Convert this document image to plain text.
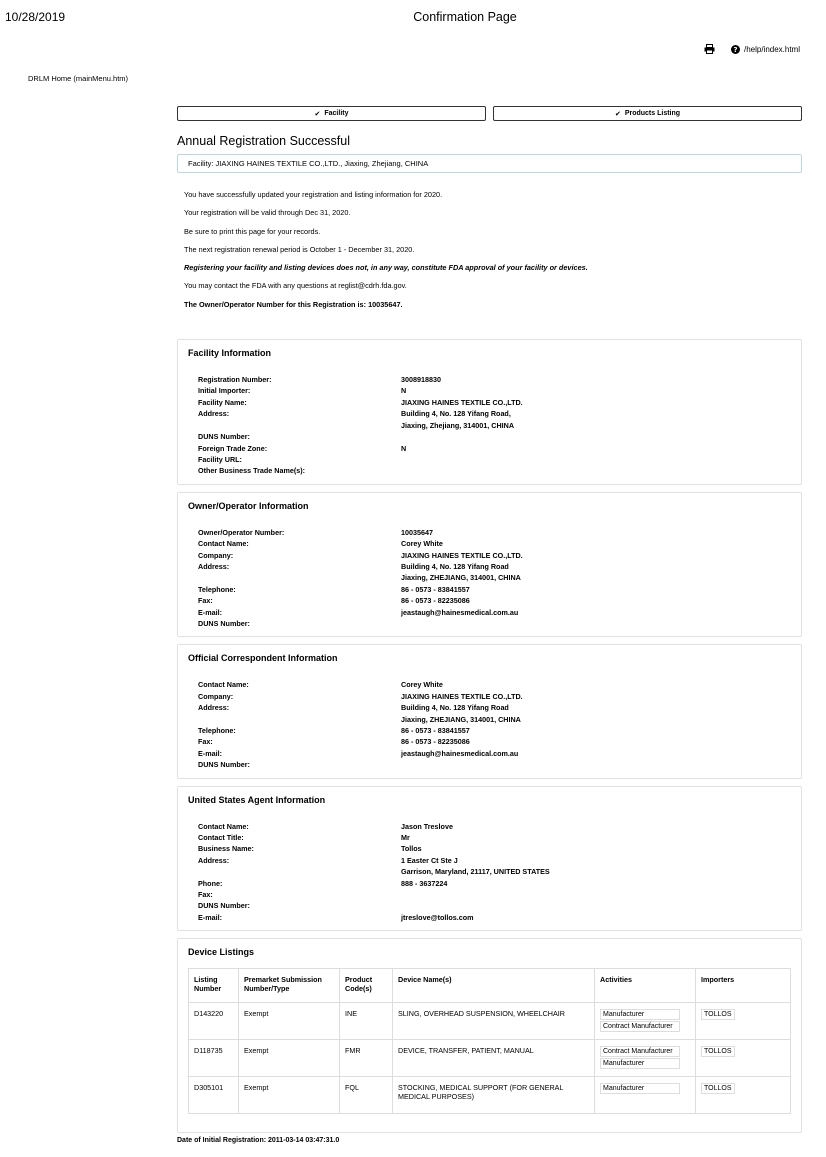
10/28/2019	Confirmation Page
? /help/index.html
DRLM Home (mainMenu.htm)
✔ Facility	✔ Products Listing
Annual Registration Successful
Facility: JIAXING HAINES TEXTILE CO.,LTD., Jiaxing, Zhejiang, CHINA

You have successfully updated your registration and listing information for 2020.

Your registration will be valid through Dec 31, 2020.

Be sure to print this page for your records.

The next registration renewal period is October 1 - December 31, 2020.

Registering your facility and listing devices does not, in any way, constitute FDA approval of your facility or devices.

You may contact the FDA with any questions at reglist@cdrh.fda.gov.

The Owner/Operator Number for this Registration is: 10035647.

Facility Information
Registration Number:	3008918830
Initial Importer:	N
Facility Name:	JIAXING HAINES TEXTILE CO.,LTD.
Address:	Building 4, No. 128 Yifang Road,
Jiaxing, Zhejiang, 314001, CHINA
DUNS Number:
Foreign Trade Zone:	N
Facility URL:
Other Business Trade Name(s):
Owner/Operator Information
Owner/Operator Number:	10035647
Contact Name:	Corey White
Company:	JIAXING HAINES TEXTILE CO.,LTD.
Address:	Building 4, No. 128 Yifang Road
Jiaxing, ZHEJIANG, 314001, CHINA
Telephone:	86 - 0573 - 83841557
Fax:	86 - 0573 - 82235086
E-mail:	jeastaugh@hainesmedical.com.au
DUNS Number:
Official Correspondent Information
Contact Name:	Corey White
Company:	JIAXING HAINES TEXTILE CO.,LTD.
Address:	Building 4, No. 128 Yifang Road
Jiaxing, ZHEJIANG, 314001, CHINA
Telephone:	86 - 0573 - 83841557
Fax:	86 - 0573 - 82235086
E-mail:	jeastaugh@hainesmedical.com.au
DUNS Number:
United States Agent Information
Contact Name:	Jason Treslove
Contact Title:	Mr
Business Name:	Tollos
Address:	1 Easter Ct Ste J
Garrison, Maryland, 21117, UNITED STATES
Phone:	888 - 3637224
Fax:
DUNS Number:
E-mail:	jtreslove@tollos.com
Device Listings
Listing Number	Premarket Submission Number/Type	Product Code(s)	Device Name(s)	Activities	Importers
D143220	Exempt	INE	SLING, OVERHEAD SUSPENSION, WHEELCHAIR	ManufacturerContract Manufacturer	TOLLOS
D118735	Exempt	FMR	DEVICE, TRANSFER, PATIENT, MANUAL	Contract ManufacturerManufacturer	TOLLOS
D305101	Exempt	FQL	STOCKING, MEDICAL SUPPORT (FOR GENERAL MEDICAL PURPOSES)	Manufacturer	TOLLOS
Date of Initial Registration: 2011-03-14 03:47:31.0
